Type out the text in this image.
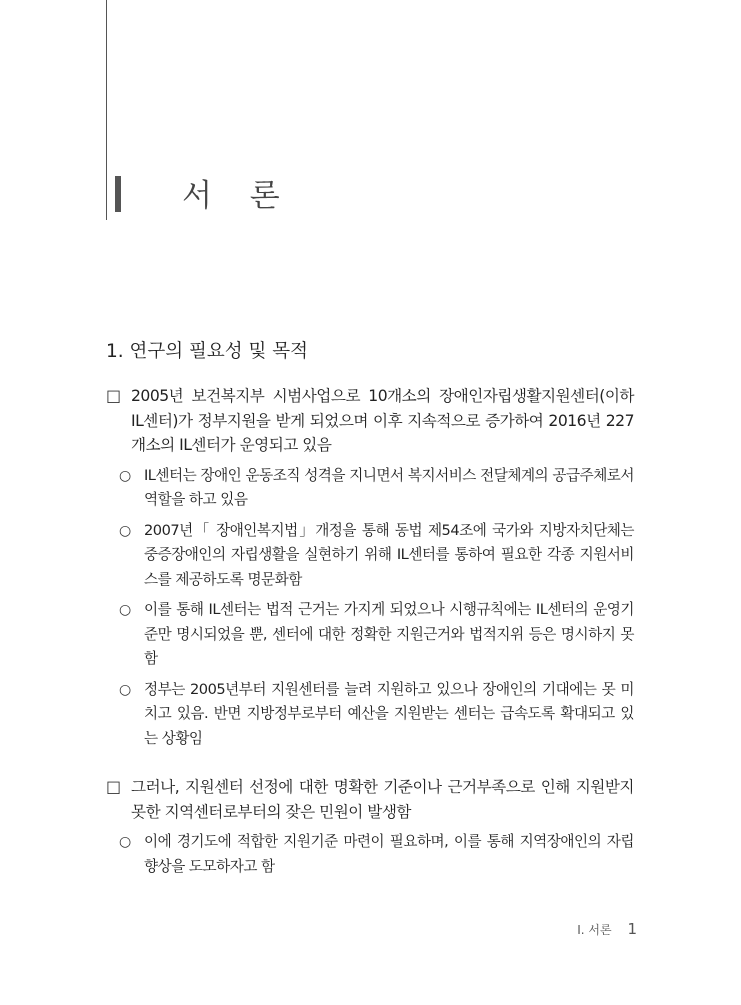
서 론
1. 연구의 필요성 및 목적
□ 2005년 보건복지부 시범사업으로 10개소의 장애인자립생활지원센터(이하 IL센터)가 정부지원을 받게 되었으며 이후 지속적으로 증가하여 2016년 227개소의 IL센터가 운영되고 있음
○ IL센터는 장애인 운동조직 성격을 지니면서 복지서비스 전달체계의 공급주체로서 역할을 하고 있음
○ 2007년「 장애인복지법」개정을 통해 동법 제54조에 국가와 지방자치단체는 중증장애인의 자립생활을 실현하기 위해 IL센터를 통하여 필요한 각종 지원서비스를 제공하도록 명문화함
○ 이를 통해 IL센터는 법적 근거는 가지게 되었으나 시행규칙에는 IL센터의 운영기준만 명시되었을 뿐, 센터에 대한 정확한 지원근거와 법적지위 등은 명시하지 못함
○ 정부는 2005년부터 지원센터를 늘려 지원하고 있으나 장애인의 기대에는 못 미치고 있음. 반면 지방정부로부터 예산을 지원받는 센터는 급속도록 확대되고 있는 상황임
□ 그러나, 지원센터 선정에 대한 명확한 기준이나 근거부족으로 인해 지원받지 못한 지역센터로부터의 잦은 민원이 발생함
○ 이에 경기도에 적합한 지원기준 마련이 필요하며, 이를 통해 지역장애인의 자립향상을 도모하자고 함
Ⅰ. 서론 1
